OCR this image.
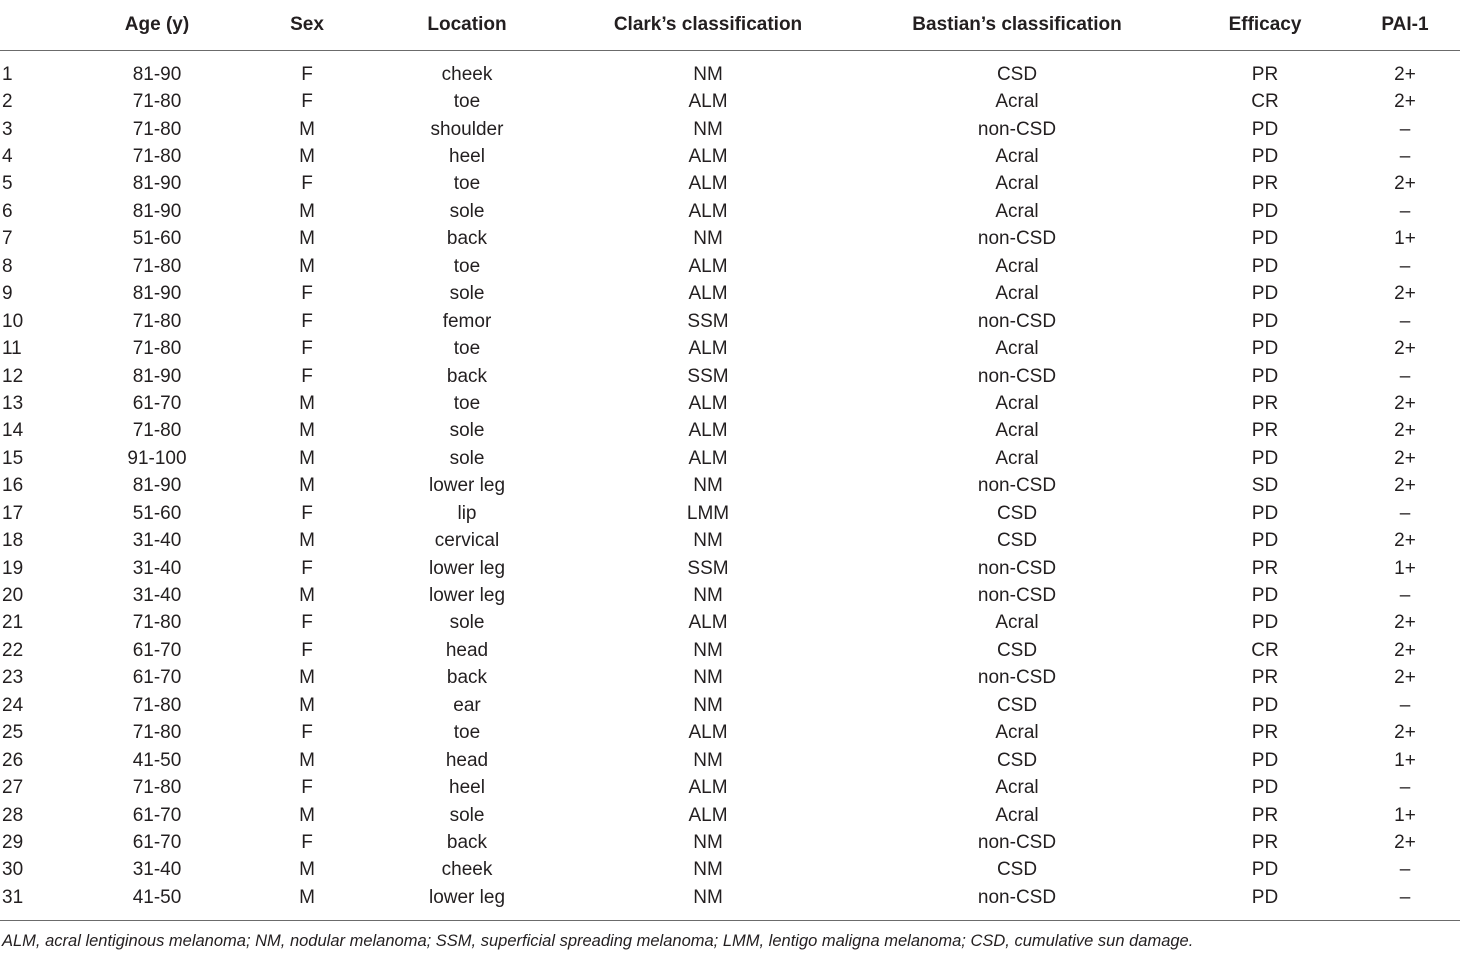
	Age (y)	Sex	Location	Clark’s classification	Bastian’s classification	Efficacy	PAI-1
1	81-90	F	cheek	NM	CSD	PR	2+
2	71-80	F	toe	ALM	Acral	CR	2+
3	71-80	M	shoulder	NM	non-CSD	PD	–
4	71-80	M	heel	ALM	Acral	PD	–
5	81-90	F	toe	ALM	Acral	PR	2+
6	81-90	M	sole	ALM	Acral	PD	–
7	51-60	M	back	NM	non-CSD	PD	1+
8	71-80	M	toe	ALM	Acral	PD	–
9	81-90	F	sole	ALM	Acral	PD	2+
10	71-80	F	femor	SSM	non-CSD	PD	–
11	71-80	F	toe	ALM	Acral	PD	2+
12	81-90	F	back	SSM	non-CSD	PD	–
13	61-70	M	toe	ALM	Acral	PR	2+
14	71-80	M	sole	ALM	Acral	PR	2+
15	91-100	M	sole	ALM	Acral	PD	2+
16	81-90	M	lower leg	NM	non-CSD	SD	2+
17	51-60	F	lip	LMM	CSD	PD	–
18	31-40	M	cervical	NM	CSD	PD	2+
19	31-40	F	lower leg	SSM	non-CSD	PR	1+
20	31-40	M	lower leg	NM	non-CSD	PD	–
21	71-80	F	sole	ALM	Acral	PD	2+
22	61-70	F	head	NM	CSD	CR	2+
23	61-70	M	back	NM	non-CSD	PR	2+
24	71-80	M	ear	NM	CSD	PD	–
25	71-80	F	toe	ALM	Acral	PR	2+
26	41-50	M	head	NM	CSD	PD	1+
27	71-80	F	heel	ALM	Acral	PD	–
28	61-70	M	sole	ALM	Acral	PR	1+
29	61-70	F	back	NM	non-CSD	PR	2+
30	31-40	M	cheek	NM	CSD	PD	–
31	41-50	M	lower leg	NM	non-CSD	PD	–
ALM, acral lentiginous melanoma; NM, nodular melanoma; SSM, superficial spreading melanoma; LMM, lentigo maligna melanoma; CSD, cumulative sun damage.
